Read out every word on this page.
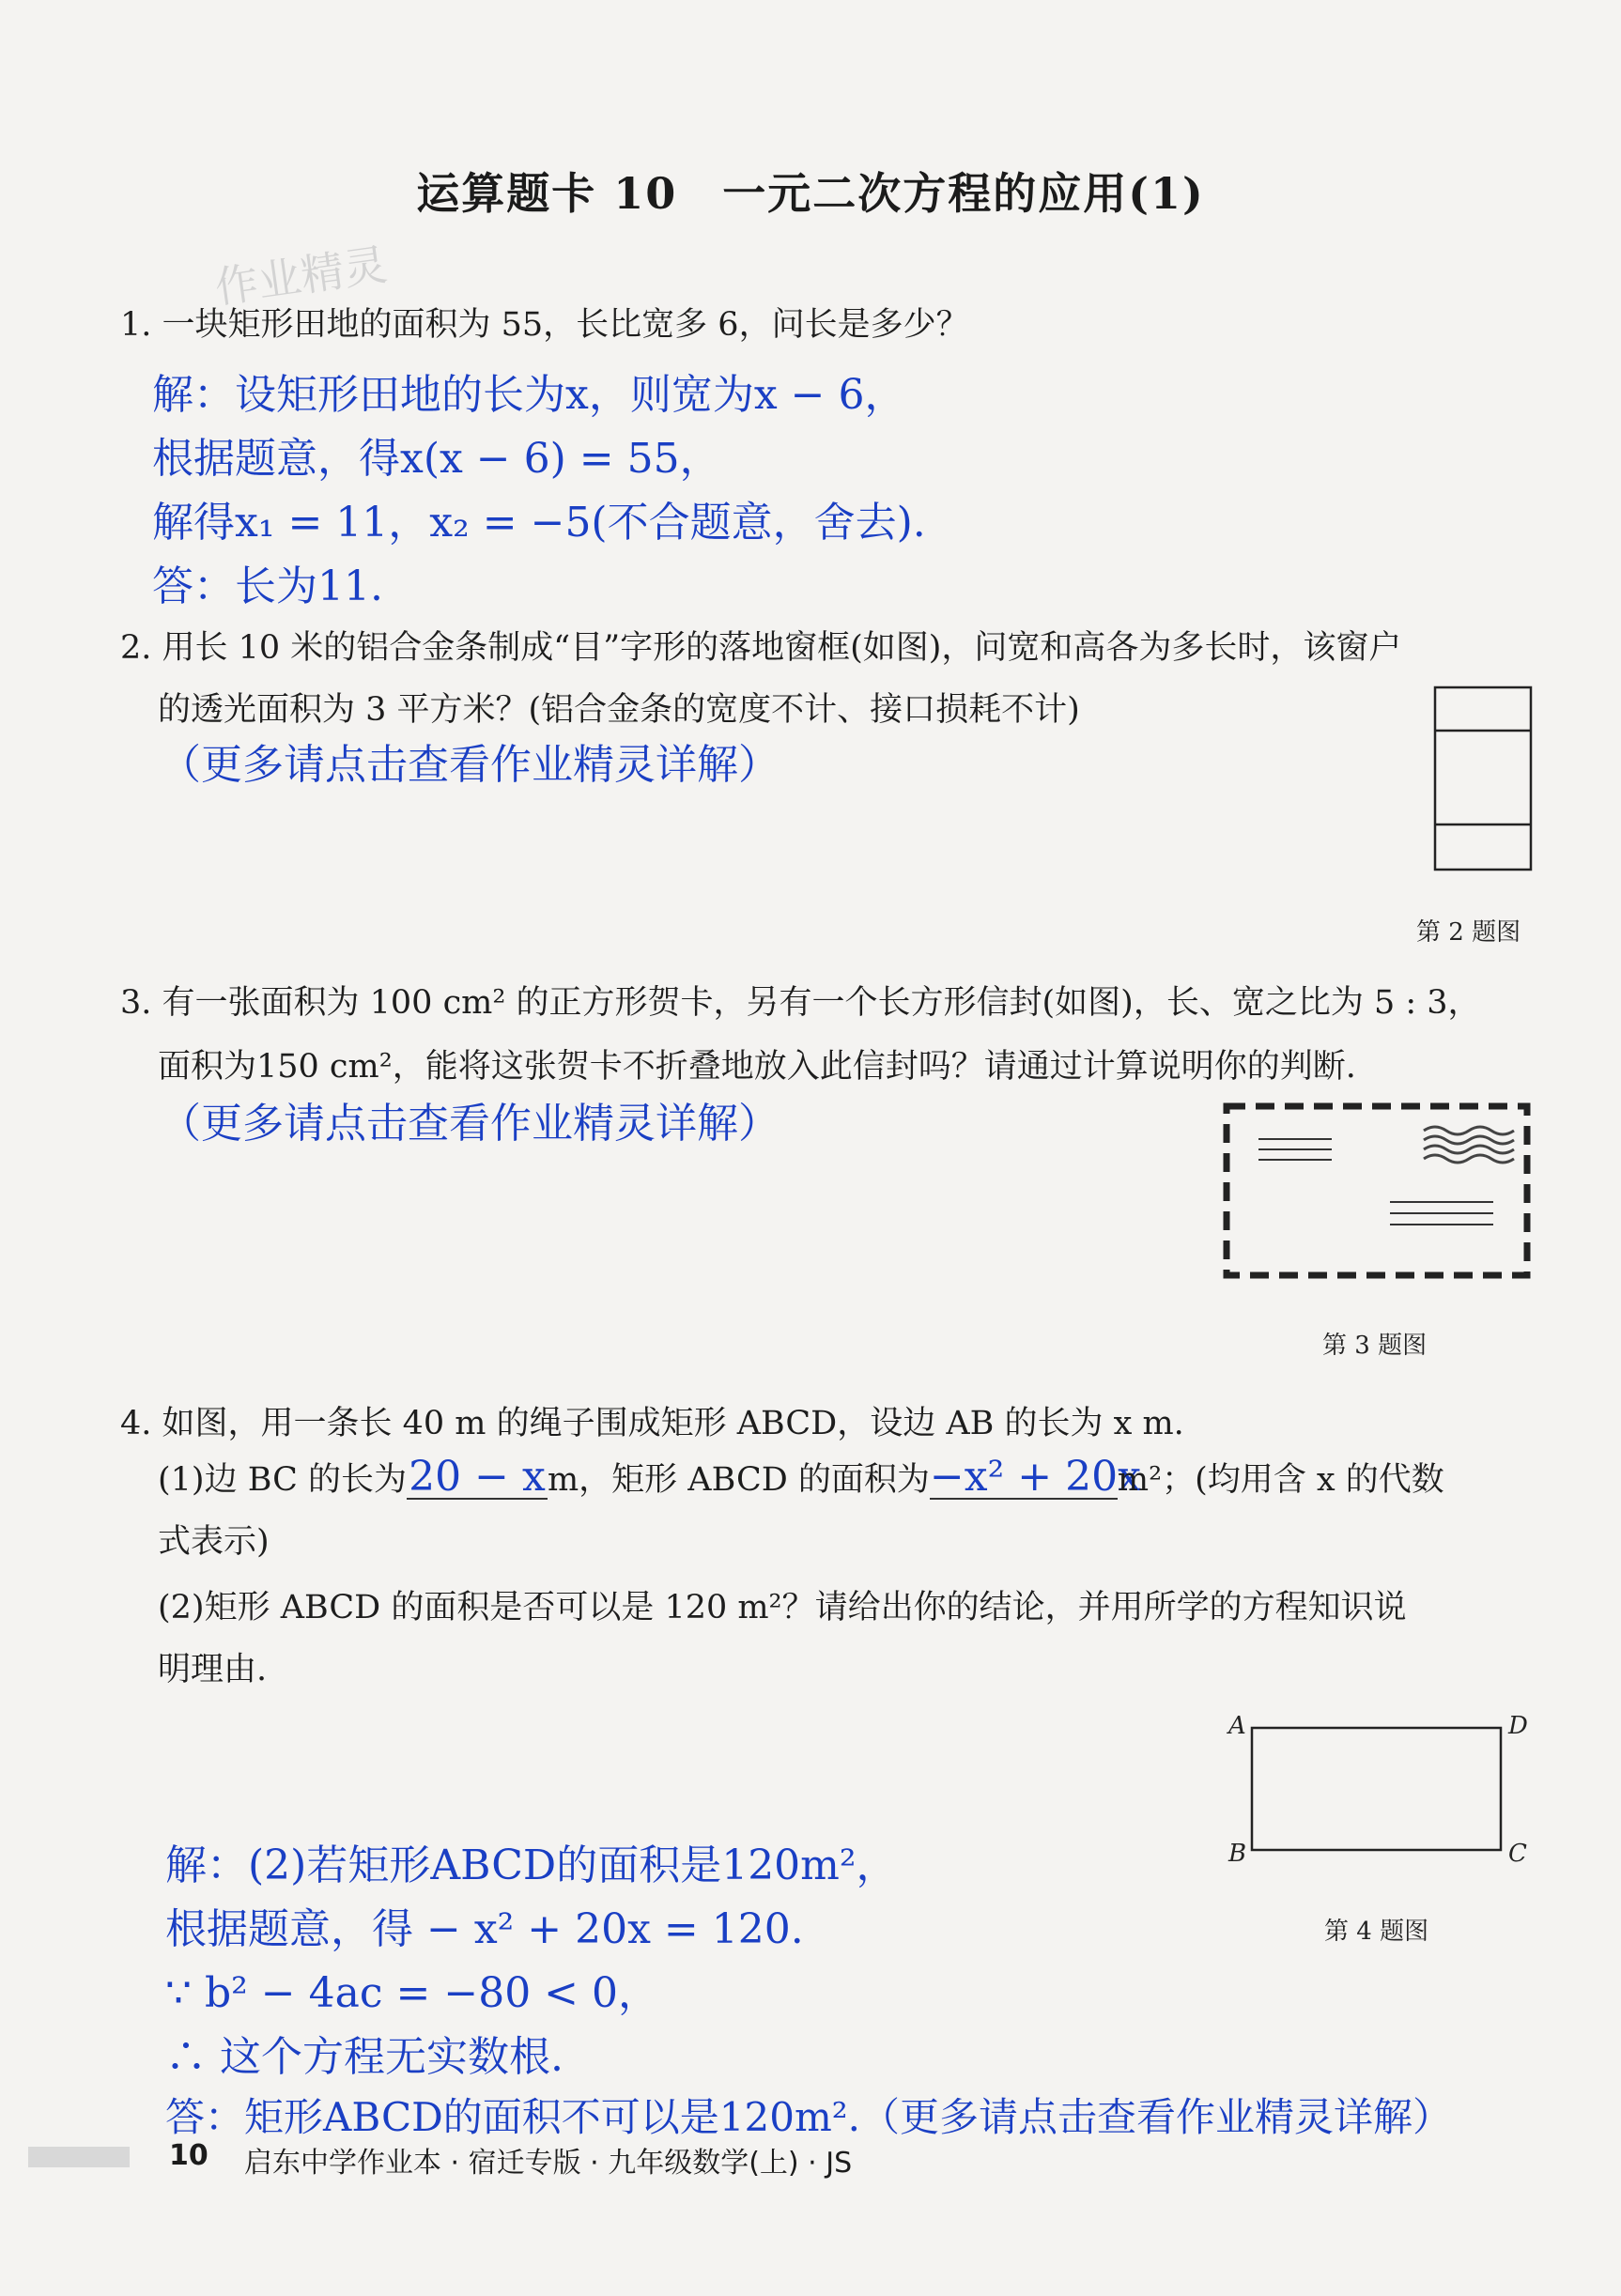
运算题卡 10　一元二次方程的应用(1)
作业精灵
1. 一块矩形田地的面积为 55，长比宽多 6，问长是多少？
解：设矩形田地的长为x，则宽为x − 6，
根据题意，得x(x − 6) = 55，
解得x₁ = 11，x₂ = −5(不合题意，舍去).
答：长为11.
2. 用长 10 米的铝合金条制成“目”字形的落地窗框(如图)，问宽和高各为多长时，该窗户
的透光面积为 3 平方米？(铝合金条的宽度不计、接口损耗不计)
（更多请点击查看作业精灵详解）
第 2 题图
3. 有一张面积为 100 cm² 的正方形贺卡，另有一个长方形信封(如图)，长、宽之比为 5 : 3，
面积为150 cm²，能将这张贺卡不折叠地放入此信封吗？请通过计算说明你的判断.
（更多请点击查看作业精灵详解）
第 3 题图
4. 如图，用一条长 40 m 的绳子围成矩形 ABCD，设边 AB 的长为 x m.
(1)边 BC 的长为20 − xm，矩形 ABCD 的面积为−x² + 20xm²；(均用含 x 的代数
式表示)
(2)矩形 ABCD 的面积是否可以是 120 m²？请给出你的结论，并用所学的方程知识说
明理由.
A	D
B	C
第 4 题图
解：(2)若矩形ABCD的面积是120m²，
根据题意，得 − x² + 20x = 120.
∵ b² − 4ac = −80 < 0，
∴ 这个方程无实数根.
答：矩形ABCD的面积不可以是120m².（更多请点击查看作业精灵详解）
10 启东中学作业本 · 宿迁专版 · 九年级数学(上) · JS
